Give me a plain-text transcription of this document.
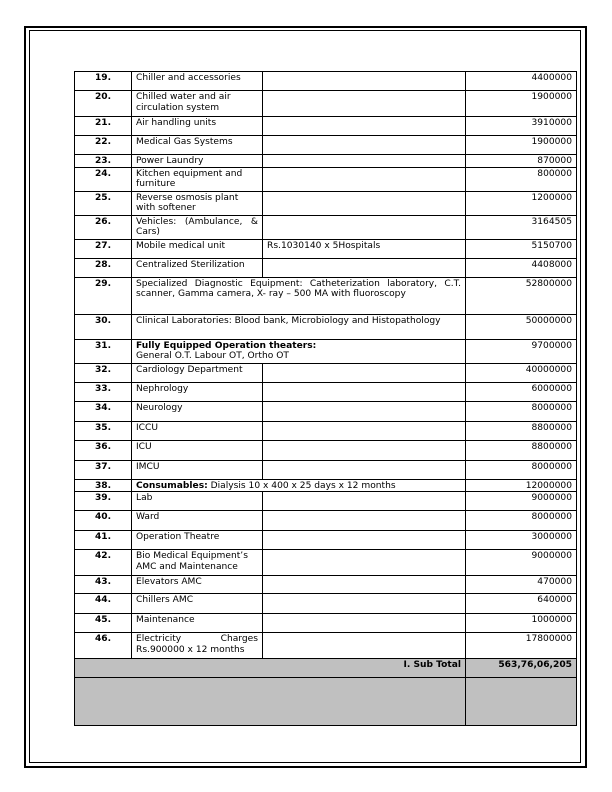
19.	Chiller and accessories		4400000
20.	Chilled water and air circulation system		1900000
21.	Air handling units		3910000
22.	Medical Gas Systems		1900000
23.	Power Laundry		870000
24.	Kitchen equipment and furniture		800000
25.	Reverse osmosis plant with softener		1200000
26.	Vehicles: (Ambulance, & Cars)		3164505
27.	Mobile medical unit	Rs.1030140 x 5Hospitals	5150700
28.	Centralized Sterilization		4408000
29.	Specialized Diagnostic Equipment: Catheterization laboratory, C.T. scanner, Gamma camera, X- ray – 500 MA with fluoroscopy		52800000
30.	Clinical Laboratories: Blood bank, Microbiology and Histopathology		50000000
31.	Fully Equipped Operation theaters:
General O.T. Labour OT, Ortho OT		9700000
32.	Cardiology Department		40000000
33.	Nephrology		6000000
34.	Neurology		8000000
35.	ICCU		8800000
36.	ICU		8800000
37.	IMCU		8000000
38.	Consumables: Dialysis 10 x 400 x 25 days x 12 months		12000000
39.	Lab		9000000
40.	Ward		8000000
41.	Operation Theatre		3000000
42.	Bio Medical Equipment’s AMC and Maintenance		9000000
43.	Elevators AMC		470000
44.	Chillers AMC		640000
45.	Maintenance		1000000
46.	Electricity Charges Rs.900000 x 12 months		17800000
I. Sub Total			563,76,06,205
